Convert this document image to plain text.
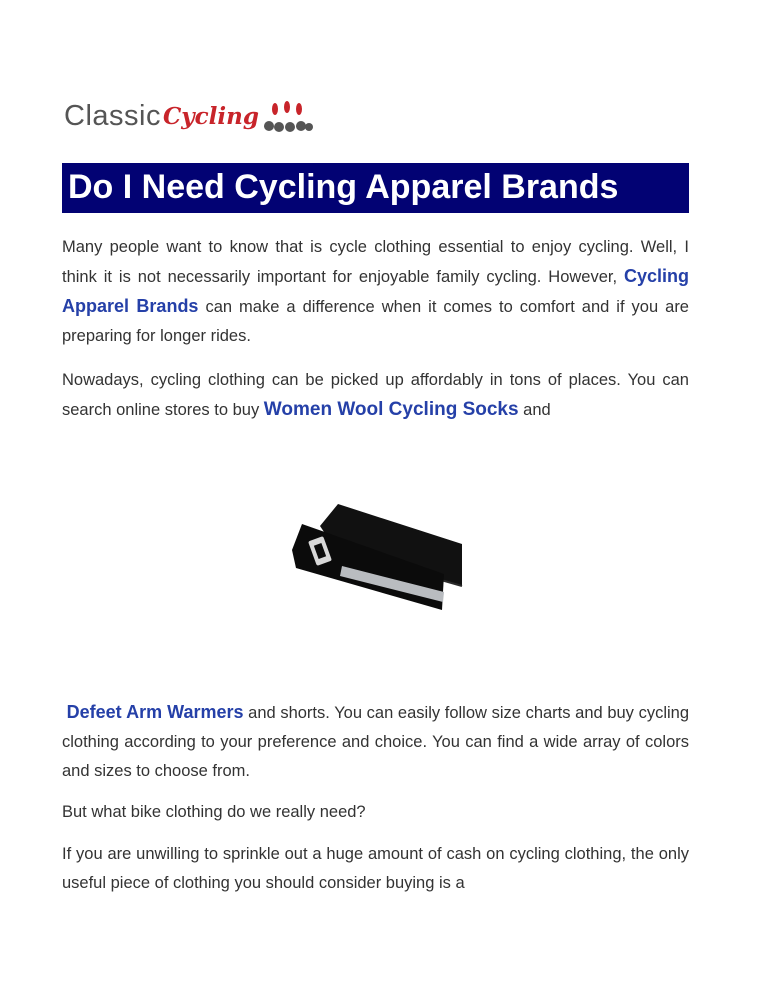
Classic Cycling
Do I Need Cycling Apparel Brands

Many people want to know that is cycle clothing essential to enjoy cycling. Well, I think it is not necessarily important for enjoyable family cycling. However, Cycling Apparel Brands can make a difference when it comes to comfort and if you are preparing for longer rides.

Nowadays, cycling clothing can be picked up affordably in tons of places. You can search online stores to buy Women Wool Cycling Socks and

Defeet Arm Warmers and shorts. You can easily follow size charts and buy cycling clothing according to your preference and choice. You can find a wide array of colors and sizes to choose from.

But what bike clothing do we really need?

If you are unwilling to sprinkle out a huge amount of cash on cycling clothing, the only useful piece of clothing you should consider buying is a
